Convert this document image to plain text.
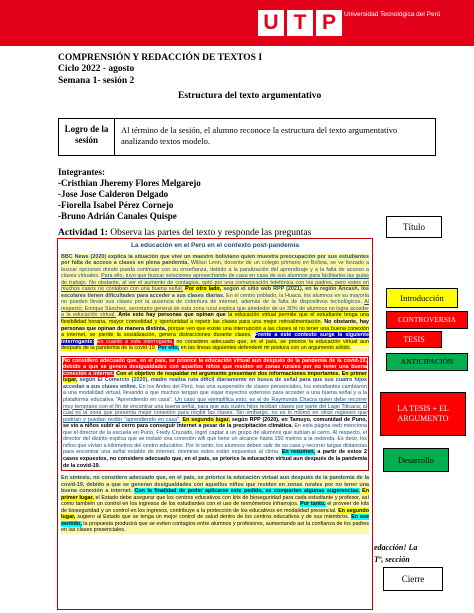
U T P	Universidad Tecnológica del Perú
COMPRENSIÓN Y REDACCIÓN DE TEXTOS I
Ciclo 2022 - agosto
Semana 1- sesión 2
Estructura del texto argumentativo
Logro de la sesión
Al término de la sesión, el alumno reconoce la estructura del texto argumentativo analizando textos modelo.
Integrantes:
-Cristhian Jheremy Flores Melgarejo
-Jose Jose Calderon Delgado
-Fiorella Isabel Pérez Cornejo
-Bruno Adrián Canales Quispe
Actividad 1: Observa las partes del texto y responde las preguntas
La educación en el Perú en el contexto post-pandemia
BBC News (2020) explica la situación que vive un maestro boliviano quien muestra preocupación por sus estudiantes por falta de acceso a clases en plena pandemia. Willian Leon, docente de un colegio primario en Bolivia, se ve forzado a buscar opciones donde pueda continuar con su enseñanza, debido a la paralización del aprendizaje y a la falta de acceso a clases virtuales. Para ello, tuvo que buscar soluciones aprovechando de casa en casa de sus alumnos para facilitarles las guías de trabajo. No obstante, al ver el aumento de contagios, optó por una comunicación telefónica con los padres, pero estos en muchos casos no contaban con una buena señal. Por otro lado, según el sitio web RPP (2021), en la región Ancash, los escolares tienen dificultades para acceder a sus clases diarias. En el centro poblado, la Huaca, los alumnos en su mayoría no pueden llevar sus clases por la ausencia de cobertura de internet, además de la falta de dispositivos tecnológicos. Al respecto, Enrique Sánchez, secretario general de esta zona rural explica que alrededor de un 30% de alumnos no logra acceder a la educación virtual. Ante esto hay personas que opinan que la educación virtual permite que el estudiante tenga una flexibilidad horaria, mayor comodidad y oportunidad a repetir las clases para una mejor retroalimentación. No obstante, hay personas que opinan de manera distinta, porque ven que existe una interrupción a las clases al no tener una buena conexión a internet, se pierde la socialización, genera distracciones durante clases. Frente a este contexto surge la siguiente interrogante: En cuanto a esta interrogante, no considero adecuado que, en el país, se priorice la educación virtual aun después de la pandemia de la covid-19. Por ello, en las líneas siguientes defenderé mi postura con un argumento sólido.
No considero adecuado que, en el país, se priorice la educación virtual aun después de la pandemia de la covid-19, debido a que se genera desigualdades con aquellos niños que residen en zonas rurales por no tener una buena conexión a internet. Con el objetivo de respaldar mi argumento presentaré dos informaciones importantes. En primer lugar, según El Comercio (2020), madre realiza ruta difícil diariamente en busca de señal para que sus cuatro hijos accedan a sus clases online. En los Andes del Perú, tras una suspensión de clases presenciales, los estudiantes cambiaron a una modalidad virtual, llevando a que muchos tengan que viajar trayectos extensos para acceder a una buena señal y a la plataforma educativa "Aprendiendo en casa". Un caso que ejemplifica esto, es el de Raymunda Chacra quien debe recorrer muy temprano con el fin de encontrar una buena señal, para que sus cuatro hijos reciban clases por parte del Lago Titicaca; al cual es la zona que presenta mejor conexión para recibir las clases. Sin embargo, no es lo mismo en otras regiones que podrían y puedan recibir "aprendiendo en casa". En segundo lugar, según RPP (2020), en Tamuyo, comunidad de Puno, se vio a niños subir al cerro para conseguir internet a pesar de la precipitación climática. En esta página web menciona que el director de la escuela en Puno, Fredy Cruzado, logró captar a un grupo de alumnos que subían al cerro. Al respecto, el director del distrito explica que se instaló una conexión wifi que tiene un alcance hasta 150 metros a la redonda. Es decir, los niños que vivían a kilómetros del centro educativo. Por lo tanto, los alumnos deben salir de su casa y recorrer largas distancias para encontrar una señal estable de internet, mientras estos están expuestos al clima. En resumen, a partir de estos 2 casos expuestos, no considero adecuado que, en el país, se priorice la educación virtual aun después de la pandemia de la covid-19.
En síntesis, no considero adecuado que, en el país, se priorice la educación virtual aun después de la pandemia de la covid-19, debido a que se generan desigualdades con aquellos niños que residen en zonas rurales por no tener una buena conexión a internet. Con la finalidad de poder aplicarse este pedido, se comparten algunas sugerencias. En primer lugar, el Estado debe asegurar que los centros educativos con kits de bioseguridad para cada estudiante y profesor, así como también un control en los ingresos de los estudiantes con el uso de termómetros infrarrojos. Por tanto, el proveer de kits de bioseguridad y un control en los ingresos, contribuye a la protección de los educativos en modalidad presencial. En segundo lugar, sugiero al Estado que se tenga un mejor control de salud dentro de los centros educativos y de sus miembros. En ese sentido, la propuesta producirá que se eviten contagios entre alumnos y profesores, aumentando así la confianza de los padres en las clases presenciales.
Título
Introducción
CONTROVERSIA
TESIS
ANTICIPACIÓN
LA TESIS + EL ARGUMENTO
Desarrollo
edacción! La
Tº, sección
Cierre
